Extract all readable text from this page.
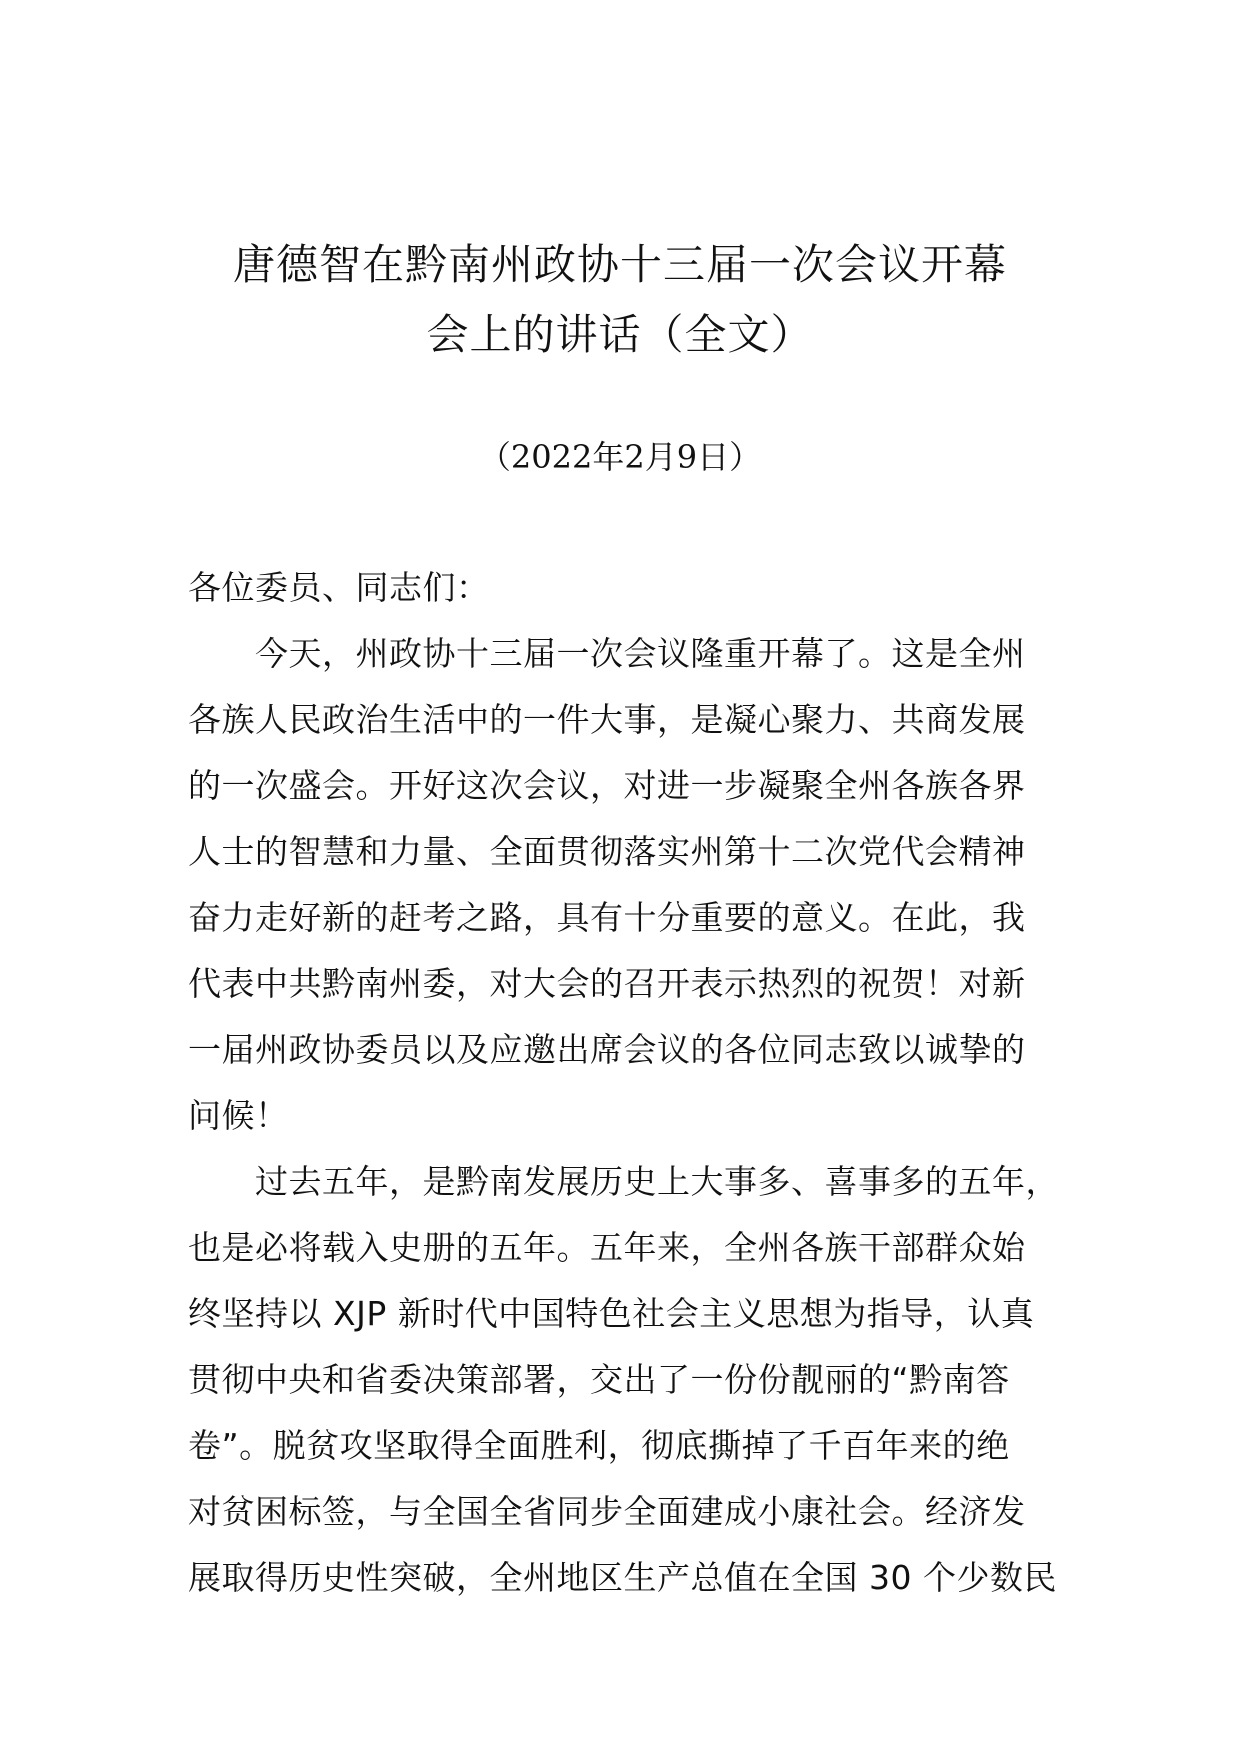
唐德智在黔南州政协十三届一次会议开幕
会上的讲话（全文）
（2022年2月9日）
各位委员、同志们：
　　今天，州政协十三届一次会议隆重开幕了。这是全州
各族人民政治生活中的一件大事，是凝心聚力、共商发展
的一次盛会。开好这次会议，对进一步凝聚全州各族各界
人士的智慧和力量、全面贯彻落实州第十二次党代会精神
奋力走好新的赶考之路，具有十分重要的意义。在此，我
代表中共黔南州委，对大会的召开表示热烈的祝贺！对新
一届州政协委员以及应邀出席会议的各位同志致以诚挚的
问候！
　　过去五年，是黔南发展历史上大事多、喜事多的五年，
也是必将载入史册的五年。五年来，全州各族干部群众始
终坚持以 XJP 新时代中国特色社会主义思想为指导，认真
贯彻中央和省委决策部署，交出了一份份靓丽的“黔南答
卷”。脱贫攻坚取得全面胜利，彻底撕掉了千百年来的绝
对贫困标签，与全国全省同步全面建成小康社会。经济发
展取得历史性突破，全州地区生产总值在全国 30 个少数民
